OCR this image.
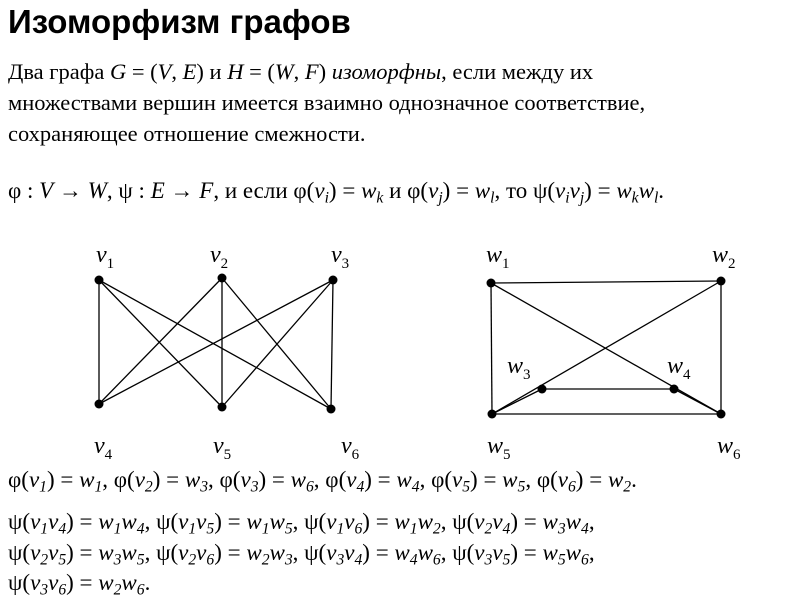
Изоморфизм графов
Два графа G = (V, E) и H = (W, F) изоморфны, если между их
множествами вершин имеется взаимно однозначное соответствие,
сохраняющее отношение смежности.
φ : V → W, ψ : E → F, и если $\varphi(v_i) = w_k$ и $\varphi(v_j) = w_l$, то $\psi(v_iv_j) = w_kw_l$.
$v_1$	$v_2$	$v_3$
$v_4$	$v_5$	$v_6$
$w_1$	$w_2$
$w_3$	$w_4$
$w_5$	$w_6$
$\varphi(v_1) = w_1$, $\varphi(v_2) = w_3$, $\varphi(v_3) = w_6$, $\varphi(v_4) = w_4$, $\varphi(v_5) = w_5$, $\varphi(v_6) = w_2$.
$\psi(v_1v_4) = w_1w_4$, $\psi(v_1v_5) = w_1w_5$, $\psi(v_1v_6) = w_1w_2$, $\psi(v_2v_4) = w_3w_4$,
$\psi(v_2v_5) = w_3w_5$, $\psi(v_2v_6) = w_2w_3$, $\psi(v_3v_4) = w_4w_6$, $\psi(v_3v_5) = w_5w_6$,
$\psi(v_3v_6) = w_2w_6$.
